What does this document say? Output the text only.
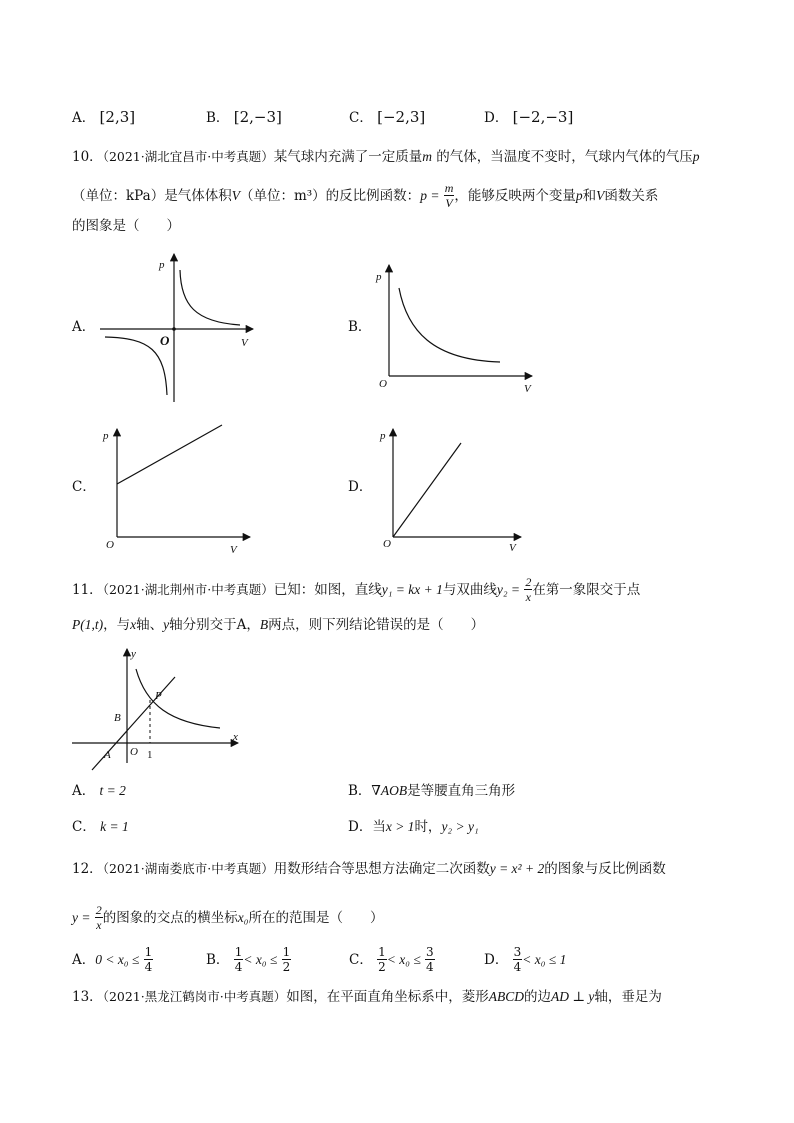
A． [2,3]	B． [2,−3]	C． [−2,3]	D． [−2,−3]
10．（2021·湖北宜昌市·中考真题）某气球内充满了一定质量m 的气体，当温度不变时，气球内气体的气压p
（单位：kPa）是气体体积V（单位：m³）的反比例函数：$p = \frac{m}{V}$ ，能够反映两个变量p和V函数关系
的图象是（　　）
A．	B．
C．	D．
p
V
O
p
V
O
p
V
O
p
V
O
11．（2021·湖北荆州市·中考真题）已知：如图，直线y₁ = kx + 1与双曲线$y_2 = \frac{2}{x}$ 在第一象限交于点
P(1,t)，与x轴、y轴分别交于A，B两点，则下列结论错误的是（　　）
y
x
P
B
A O 1
A． t = 2	B．∇AOB是等腰直角三角形
C． k = 1	D．当x > 1时，y₂ > y₁
12．（2021·湖南娄底市·中考真题）用数形结合等思想方法确定二次函数y = x² + 2的图象与反比例函数
$y = \frac{2}{x}$ 的图象的交点的横坐标x₀所在的范围是（　　）
A．$0 < x_0 \le \frac{1}{4}$	B． $\frac{1}{4} < x_0 \le \frac{1}{2}$	C． $\frac{1}{2} < x_0 \le \frac{3}{4}$	D． $\frac{3}{4} < x_0 \le 1$
13．（2021·黑龙江鹤岗市·中考真题）如图，在平面直角坐标系中，菱形ABCD的边AD ⊥ y轴，垂足为
